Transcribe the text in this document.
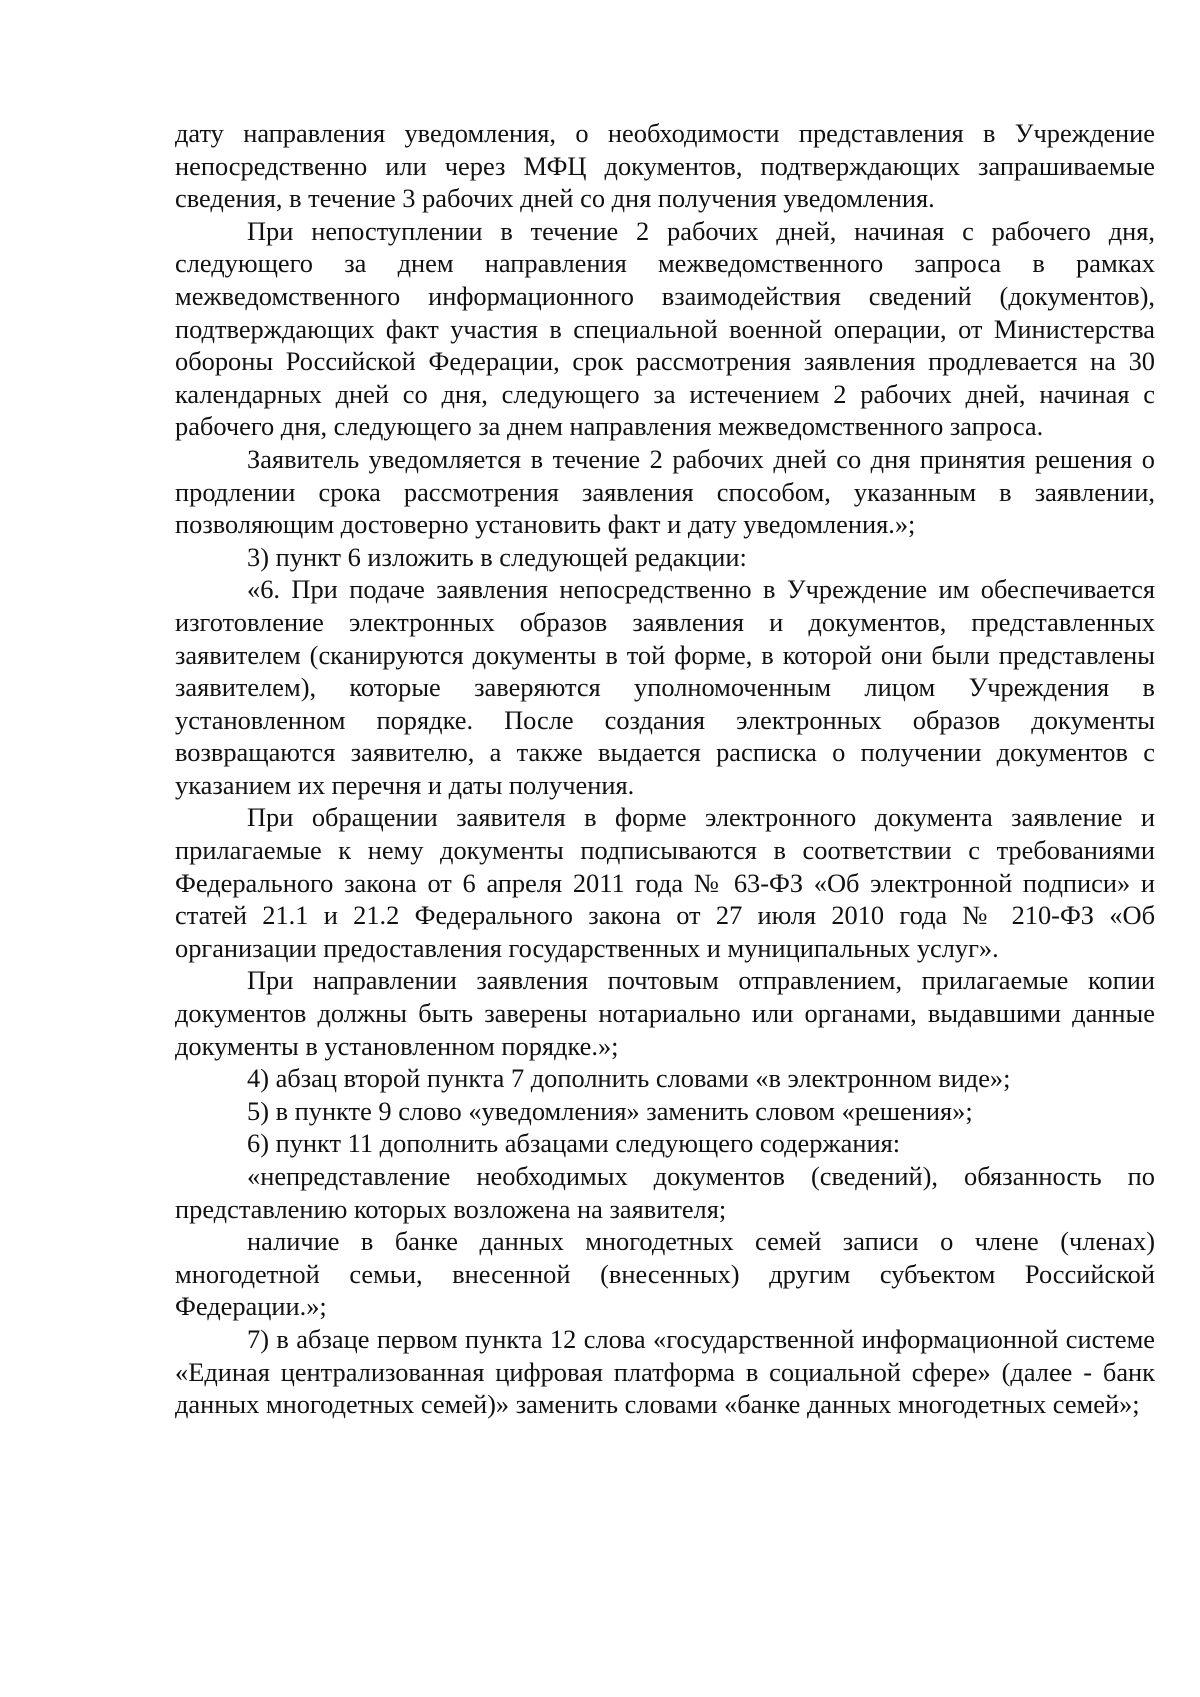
дату направления уведомления, о необходимости представления в Учреждение непосредственно или через МФЦ документов, подтверждающих запрашиваемые сведения, в течение 3 рабочих дней со дня получения уведомления.

При непоступлении в течение 2 рабочих дней, начиная с рабочего дня, следующего за днем направления межведомственного запроса в рамках межведомственного информационного взаимодействия сведений (документов), подтверждающих факт участия в специальной военной операции, от Министерства обороны Российской Федерации, срок рассмотрения заявления продлевается на 30 календарных дней со дня, следующего за истечением 2 рабочих дней, начиная с рабочего дня, следующего за днем направления межведомственного запроса.

Заявитель уведомляется в течение 2 рабочих дней со дня принятия решения о продлении срока рассмотрения заявления способом, указанным в заявлении, позволяющим достоверно установить факт и дату уведомления.»;

3) пункт 6 изложить в следующей редакции:

«6. При подаче заявления непосредственно в Учреждение им обеспечивается изготовление электронных образов заявления и документов, представленных заявителем (сканируются документы в той форме, в которой они были представлены заявителем), которые заверяются уполномоченным лицом Учреждения в установленном порядке. После создания электронных образов документы возвращаются заявителю, а также выдается расписка о получении документов с указанием их перечня и даты получения.

При обращении заявителя в форме электронного документа заявление и прилагаемые к нему документы подписываются в соответствии с требованиями Федерального закона от 6 апреля 2011 года № 63-ФЗ «Об электронной подписи» и статей 21.1 и 21.2 Федерального закона от 27 июля 2010 года № 210-ФЗ «Об организации предоставления государственных и муниципальных услуг».

При направлении заявления почтовым отправлением, прилагаемые копии документов должны быть заверены нотариально или органами, выдавшими данные документы в установленном порядке.»;

4) абзац второй пункта 7 дополнить словами «в электронном виде»;

5) в пункте 9 слово «уведомления» заменить словом «решения»;

6) пункт 11 дополнить абзацами следующего содержания:

«непредставление необходимых документов (сведений), обязанность по представлению которых возложена на заявителя;

наличие в банке данных многодетных семей записи о члене (членах) многодетной семьи, внесенной (внесенных) другим субъектом Российской Федерации.»;

7) в абзаце первом пункта 12 слова «государственной информационной системе «Единая централизованная цифровая платформа в социальной сфере» (далее - банк данных многодетных семей)» заменить словами «банке данных многодетных семей»;
